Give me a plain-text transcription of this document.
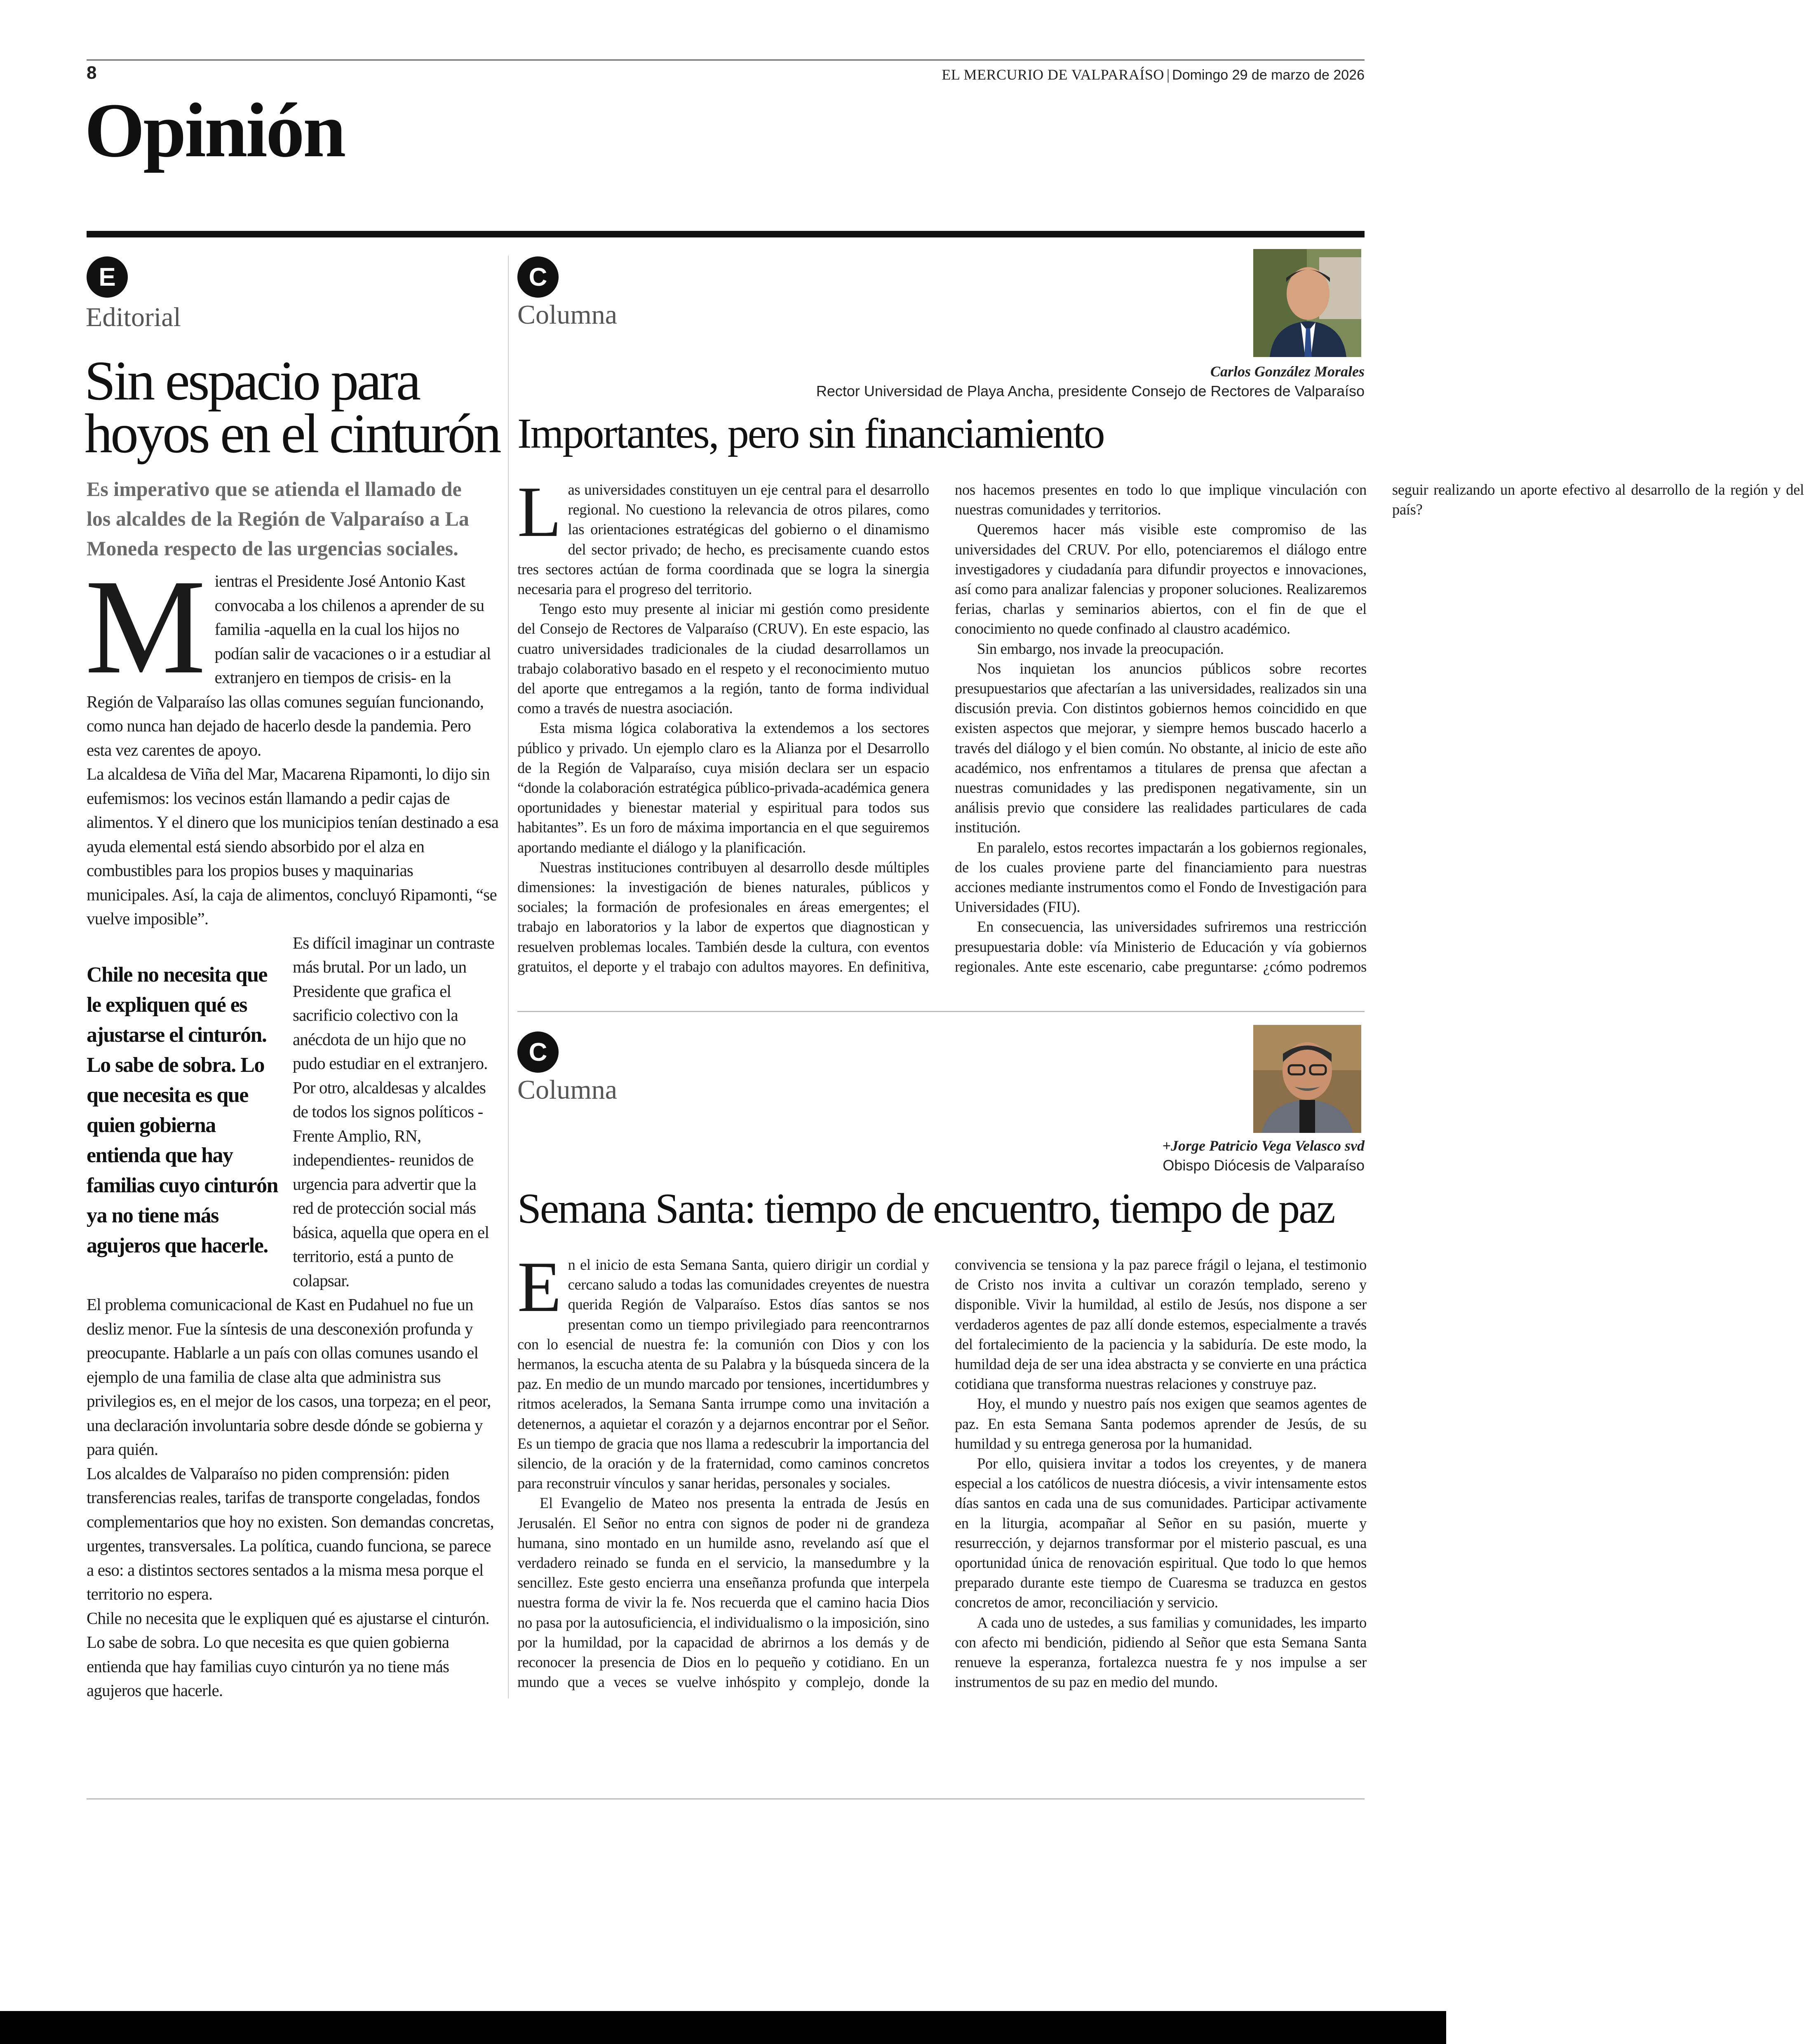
8	EL MERCURIO DE VALPARAÍSO | Domingo 29 de marzo de 2026
Opinión
E
Editorial
Sin espacio para hoyos en el cinturón
Es imperativo que se atienda el llamado de los alcaldes de la Región de Valparaíso a La Moneda respecto de las urgencias sociales.

Mientras el Presidente José Antonio Kast convocaba a los chilenos a aprender de su familia -aquella en la cual los hijos no podían salir de vacaciones o ir a estudiar al extranjero en tiempos de crisis- en la Región de Valparaíso las ollas comunes seguían funcionando, como nunca han dejado de hacerlo desde la pandemia. Pero esta vez carentes de apoyo.

La alcaldesa de Viña del Mar, Macarena Ripamonti, lo dijo sin eufemismos: los vecinos están llamando a pedir cajas de alimentos. Y el dinero que los municipios tenían destinado a esa ayuda elemental está siendo absorbido por el alza en combustibles para los propios buses y maquinarias municipales. Así, la caja de alimentos, concluyó Ripamonti, “se vuelve imposible”.

Chile no necesita que le expliquen qué es ajustarse el cinturón. Lo sabe de sobra. Lo que necesita es que quien gobierna entienda que hay familias cuyo cinturón ya no tiene más agujeros que hacerle.

Es difícil imaginar un contraste más brutal. Por un lado, un Presidente que grafica el sacrificio colectivo con la anécdota de un hijo que no pudo estudiar en el extranjero. Por otro, alcaldesas y alcaldes de todos los signos políticos -Frente Amplio, RN, independientes- reunidos de urgencia para advertir que la red de protección social más básica, aquella que opera en el territorio, está a punto de colapsar.

El problema comunicacional de Kast en Pudahuel no fue un desliz menor. Fue la síntesis de una desconexión profunda y preocupante. Hablarle a un país con ollas comunes usando el ejemplo de una familia de clase alta que administra sus privilegios es, en el mejor de los casos, una torpeza; en el peor, una declaración involuntaria sobre desde dónde se gobierna y para quién.

Los alcaldes de Valparaíso no piden comprensión: piden transferencias reales, tarifas de transporte congeladas, fondos complementarios que hoy no existen. Son demandas concretas, urgentes, transversales. La política, cuando funciona, se parece a eso: a distintos sectores sentados a la misma mesa porque el territorio no espera.

Chile no necesita que le expliquen qué es ajustarse el cinturón. Lo sabe de sobra. Lo que necesita es que quien gobierna entienda que hay familias cuyo cinturón ya no tiene más agujeros que hacerle.

C
Columna
Carlos González Morales
Rector Universidad de Playa Ancha, presidente Consejo de Rectores de Valparaíso
Importantes, pero sin financiamiento

Las universidades constituyen un eje central para el desarrollo regional. No cuestiono la relevancia de otros pilares, como las orientaciones estratégicas del gobierno o el dinamismo del sector privado; de hecho, es precisamente cuando estos tres sectores actúan de forma coordinada que se logra la sinergia necesaria para el progreso del territorio.

Tengo esto muy presente al iniciar mi gestión como presidente del Consejo de Rectores de Valparaíso (CRUV). En este espacio, las cuatro universidades tradicionales de la ciudad desarrollamos un trabajo colaborativo basado en el respeto y el reconocimiento mutuo del aporte que entregamos a la región, tanto de forma individual como a través de nuestra asociación.

Esta misma lógica colaborativa la extendemos a los sectores público y privado. Un ejemplo claro es la Alianza por el Desarrollo de la Región de Valparaíso, cuya misión declara ser un espacio “donde la colaboración estratégica público-privada-académica genera oportunidades y bienestar material y espiritual para todos sus habitantes”. Es un foro de máxima importancia en el que seguiremos aportando mediante el diálogo y la planificación.

Nuestras instituciones contribuyen al desarrollo desde múltiples dimensiones: la investigación de bienes naturales, públicos y sociales; la formación de profesionales en áreas emergentes; el trabajo en laboratorios y la labor de expertos que diagnostican y resuelven problemas locales. También desde la cultura, con eventos gratuitos, el deporte y el trabajo con adultos mayores. En definitiva, nos hacemos presentes en todo lo que implique vinculación con nuestras comunidades y territorios.

Queremos hacer más visible este compromiso de las universidades del CRUV. Por ello, potenciaremos el diálogo entre investigadores y ciudadanía para difundir proyectos e innovaciones, así como para analizar falencias y proponer soluciones. Realizaremos ferias, charlas y seminarios abiertos, con el fin de que el conocimiento no quede confinado al claustro académico.

Sin embargo, nos invade la preocupación.

Nos inquietan los anuncios públicos sobre recortes presupuestarios que afectarían a las universidades, realizados sin una discusión previa. Con distintos gobiernos hemos coincidido en que existen aspectos que mejorar, y siempre hemos buscado hacerlo a través del diálogo y el bien común. No obstante, al inicio de este año académico, nos enfrentamos a titulares de prensa que afectan a nuestras comunidades y las predisponen negativamente, sin un análisis previo que considere las realidades particulares de cada institución.

En paralelo, estos recortes impactarán a los gobiernos regionales, de los cuales proviene parte del financiamiento para nuestras acciones mediante instrumentos como el Fondo de Investigación para Universidades (FIU).

En consecuencia, las universidades sufriremos una restricción presupuestaria doble: vía Ministerio de Educación y vía gobiernos regionales. Ante este escenario, cabe preguntarse: ¿cómo podremos seguir realizando un aporte efectivo al desarrollo de la región y del país?

C
Columna
+Jorge Patricio Vega Velasco svd
Obispo Diócesis de Valparaíso
Semana Santa: tiempo de encuentro, tiempo de paz

En el inicio de esta Semana Santa, quiero dirigir un cordial y cercano saludo a todas las comunidades creyentes de nuestra querida Región de Valparaíso. Estos días santos se nos presentan como un tiempo privilegiado para reencontrarnos con lo esencial de nuestra fe: la comunión con Dios y con los hermanos, la escucha atenta de su Palabra y la búsqueda sincera de la paz. En medio de un mundo marcado por tensiones, incertidumbres y ritmos acelerados, la Semana Santa irrumpe como una invitación a detenernos, a aquietar el corazón y a dejarnos encontrar por el Señor. Es un tiempo de gracia que nos llama a redescubrir la importancia del silencio, de la oración y de la fraternidad, como caminos concretos para reconstruir vínculos y sanar heridas, personales y sociales.

El Evangelio de Mateo nos presenta la entrada de Jesús en Jerusalén. El Señor no entra con signos de poder ni de grandeza humana, sino montado en un humilde asno, revelando así que el verdadero reinado se funda en el servicio, la mansedumbre y la sencillez. Este gesto encierra una enseñanza profunda que interpela nuestra forma de vivir la fe. Nos recuerda que el camino hacia Dios no pasa por la autosuficiencia, el individualismo o la imposición, sino por la humildad, por la capacidad de abrirnos a los demás y de reconocer la presencia de Dios en lo pequeño y cotidiano. En un mundo que a veces se vuelve inhóspito y complejo, donde la convivencia se tensiona y la paz parece frágil o lejana, el testimonio de Cristo nos invita a cultivar un corazón templado, sereno y disponible. Vivir la humildad, al estilo de Jesús, nos dispone a ser verdaderos agentes de paz allí donde estemos, especialmente a través del fortalecimiento de la paciencia y la sabiduría. De este modo, la humildad deja de ser una idea abstracta y se convierte en una práctica cotidiana que transforma nuestras relaciones y construye paz.

Hoy, el mundo y nuestro país nos exigen que seamos agentes de paz. En esta Semana Santa podemos aprender de Jesús, de su humildad y su entrega generosa por la humanidad.

Por ello, quisiera invitar a todos los creyentes, y de manera especial a los católicos de nuestra diócesis, a vivir intensamente estos días santos en cada una de sus comunidades. Participar activamente en la liturgia, acompañar al Señor en su pasión, muerte y resurrección, y dejarnos transformar por el misterio pascual, es una oportunidad única de renovación espiritual. Que todo lo que hemos preparado durante este tiempo de Cuaresma se traduzca en gestos concretos de amor, reconciliación y servicio.

A cada uno de ustedes, a sus familias y comunidades, les imparto con afecto mi bendición, pidiendo al Señor que esta Semana Santa renueve la esperanza, fortalezca nuestra fe y nos impulse a ser instrumentos de su paz en medio del mundo.
